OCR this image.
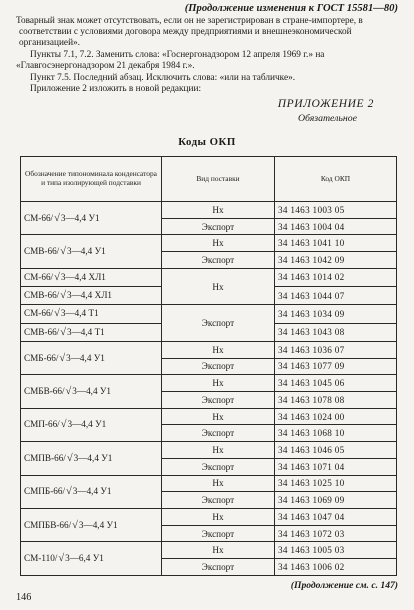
(Продолжение изменения к ГОСТ 15581—80)

Товарный знак может отсутствовать, если он не зарегистрирован в стране-импортере, в соответствии с условиями договора между предприятиями и внешнеэкономической организацией».

Пункты 7.1, 7.2. Заменить слова: «Госнергонадзором 12 апреля 1969 г.» на «Главгосэнергонадзором 21 декабря 1984 г.».

Пункт 7.5. Последний абзац. Исключить слова: «или на табличке».

Приложение 2 изложить в новой редакции:

ПРИЛОЖЕНИЕ 2
Обязательное
Коды ОКП
Обозначение типономинала конденсатора и типа изолирующей подставки	Вид поставки	Код ОКП
СМ-66/√3—4,4 У1	Нх	34 1463 1003 05
	Экспорт	34 1463 1004 04
СМВ-66/√3—4,4 У1	Нх	34 1463 1041 10
	Экспорт	34 1463 1042 09
СМ-66/√3—4,4 ХЛ1	Нх	34 1463 1014 02
СМВ-66/√3—4,4 ХЛ1		34 1463 1044 07
СМ-66/√3—4,4 Т1	Экспорт	34 1463 1034 09
СМВ-66/√3—4,4 Т1		34 1463 1043 08
СМБ-66/√3—4,4 У1	Нх	34 1463 1036 07
	Экспорт	34 1463 1077 09
СМБВ-66/√3—4,4 У1	Нх	34 1463 1045 06
	Экспорт	34 1463 1078 08
СМП-66/√3—4,4 У1	Нх	34 1463 1024 00
	Экспорт	34 1463 1068 10
СМПВ-66/√3—4,4 У1	Нх	34 1463 1046 05
	Экспорт	34 1463 1071 04
СМПБ-66/√3—4,4 У1	Нх	34 1463 1025 10
	Экспорт	34 1463 1069 09
СМПБВ-66/√3—4,4 У1	Нх	34 1463 1047 04
	Экспорт	34 1463 1072 03
СМ-110/√3—6,4 У1	Нх	34 1463 1005 03
	Экспорт	34 1463 1006 02
(Продолжение см. с. 147)
146
